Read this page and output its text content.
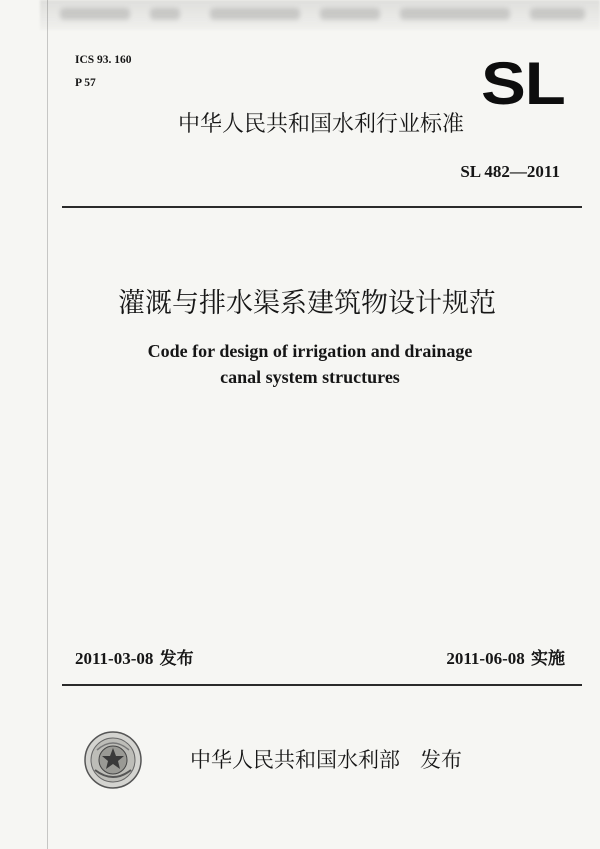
ICS 93. 160
P 57	SL
中华人民共和国水利行业标准
SL 482—2011
灌溉与排水渠系建筑物设计规范
Code for design of irrigation and drainage
canal system structures
2011-03-08 发布	2011-06-08 实施
中华人民共和国水利部 发布
